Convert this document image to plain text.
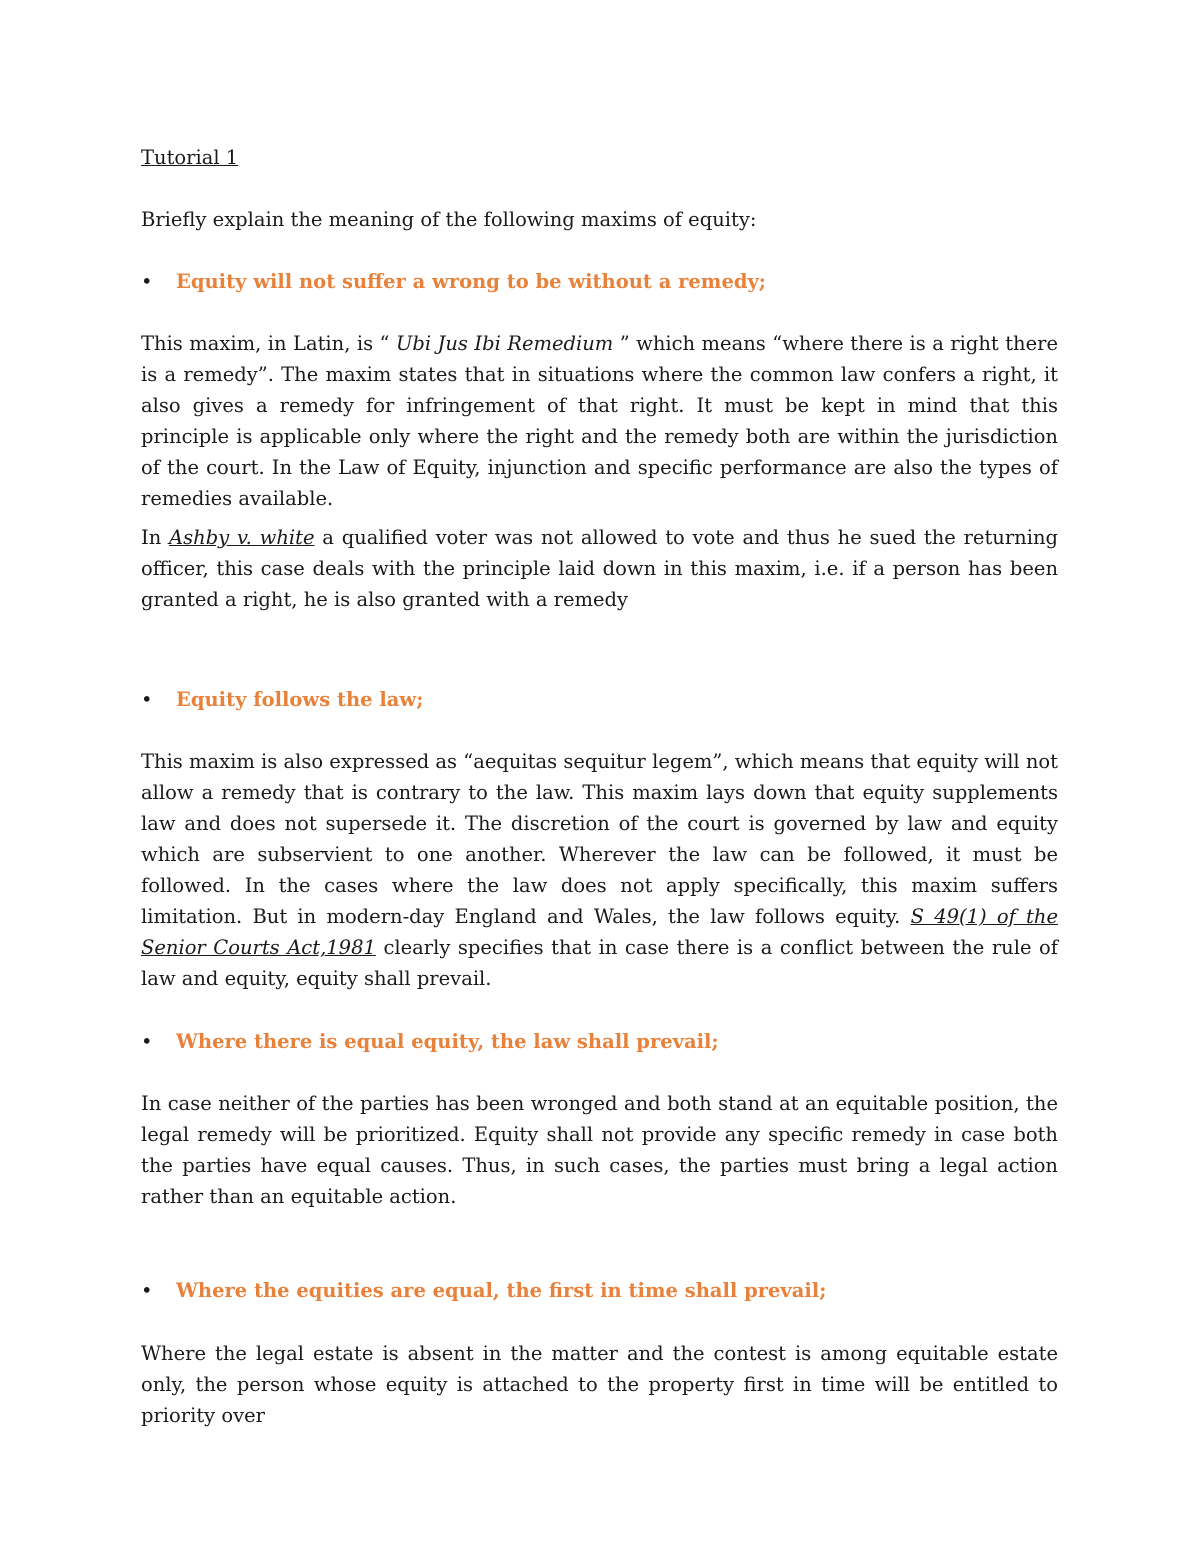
Tutorial 1
Briefly explain the meaning of the following maxims of equity:
• Equity will not suffer a wrong to be without a remedy;
This maxim, in Latin, is “ Ubi Jus Ibi Remedium ” which means “where there is a right there is a remedy”. The maxim states that in situations where the common law confers a right, it also gives a remedy for infringement of that right. It must be kept in mind that this principle is applicable only where the right and the remedy both are within the jurisdiction of the court. In the Law of Equity, injunction and specific performance are also the types of remedies available.
In Ashby v. white a qualified voter was not allowed to vote and thus he sued the returning officer, this case deals with the principle laid down in this maxim, i.e. if a person has been granted a right, he is also granted with a remedy
• Equity follows the law;
This maxim is also expressed as “aequitas sequitur legem”, which means that equity will not allow a remedy that is contrary to the law. This maxim lays down that equity supplements law and does not supersede it. The discretion of the court is governed by law and equity which are subservient to one another. Wherever the law can be followed, it must be followed. In the cases where the law does not apply specifically, this maxim suffers limitation. But in modern-day England and Wales, the law follows equity. S 49(1) of the Senior Courts Act,1981 clearly specifies that in case there is a conflict between the rule of law and equity, equity shall prevail.
• Where there is equal equity, the law shall prevail;
In case neither of the parties has been wronged and both stand at an equitable position, the legal remedy will be prioritized. Equity shall not provide any specific remedy in case both the parties have equal causes. Thus, in such cases, the parties must bring a legal action rather than an equitable action.
• Where the equities are equal, the first in time shall prevail;
Where the legal estate is absent in the matter and the contest is among equitable estate only, the person whose equity is attached to the property first in time will be entitled to priority over
